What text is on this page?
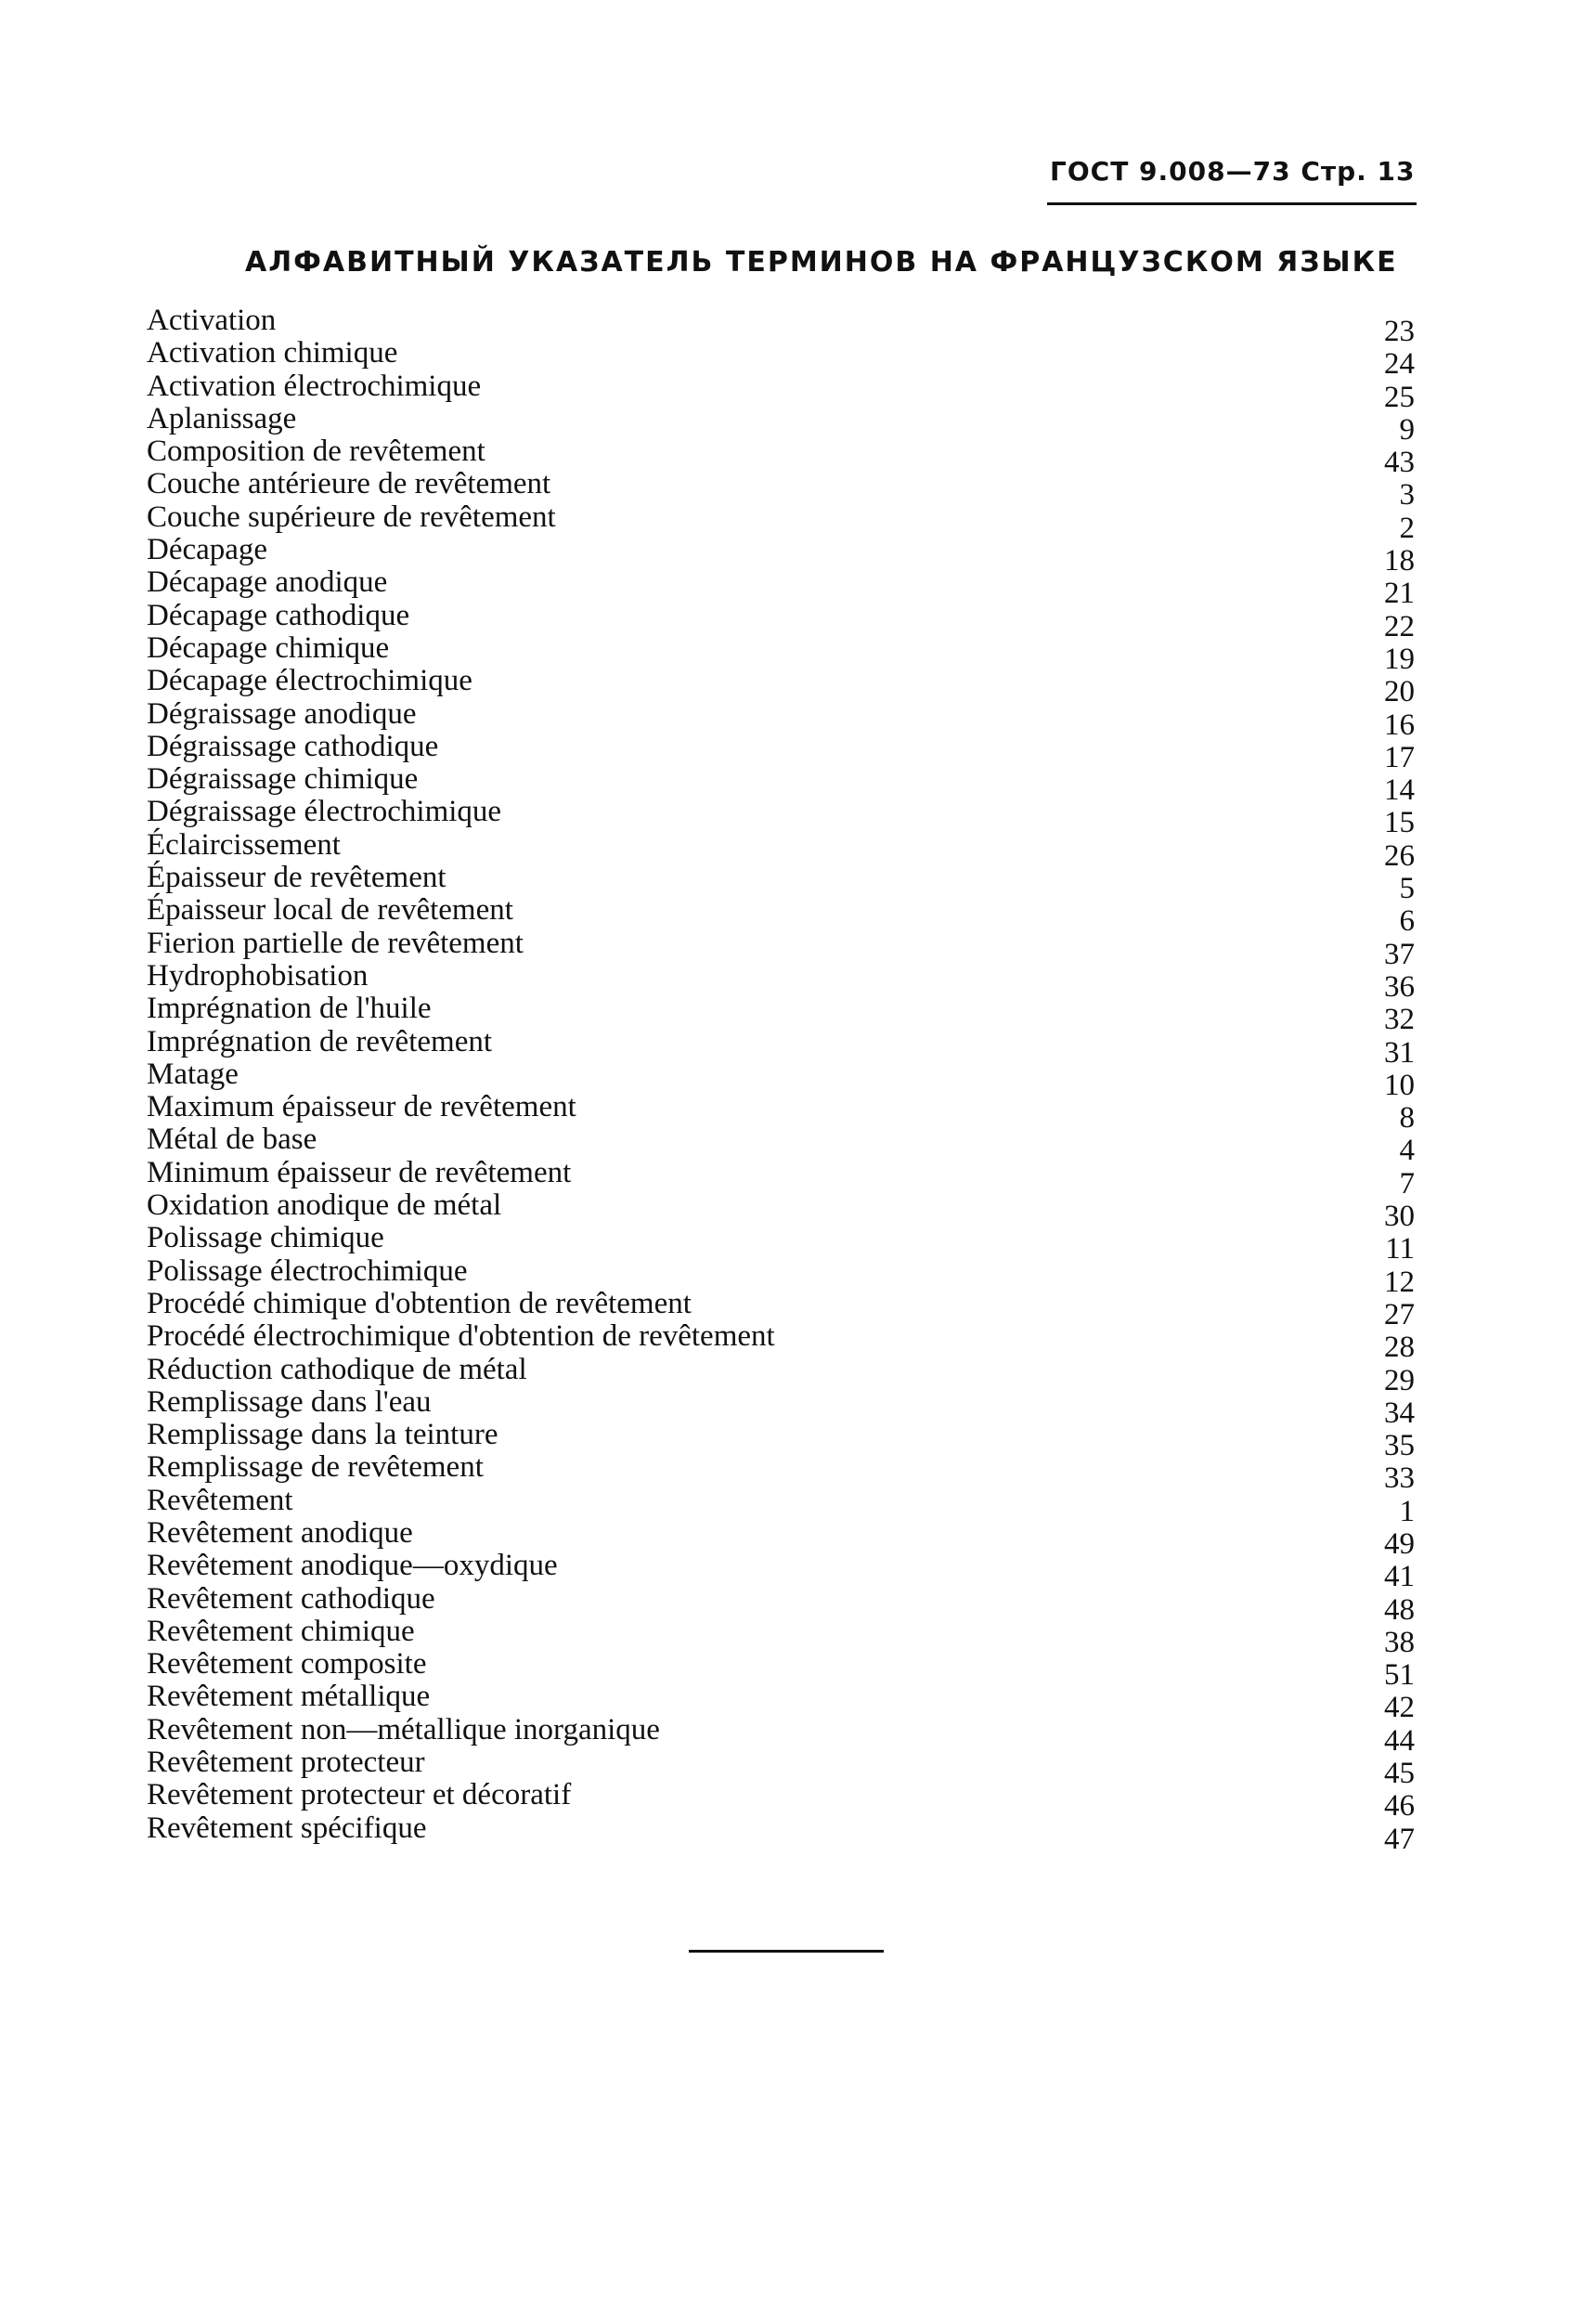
ГОСТ 9.008—73 Стр. 13
АЛФАВИТНЫЙ УКАЗАТЕЛЬ ТЕРМИНОВ НА ФРАНЦУЗСКОМ ЯЗЫКЕ
Activation	23
Activation chimique	24
Activation électrochimique	25
Aplanissage	9
Composition de revêtement	43
Couche antérieure de revêtement	3
Couche supérieure de revêtement	2
Décapage	18
Décapage anodique	21
Décapage cathodique	22
Décapage chimique	19
Décapage électrochimique	20
Dégraissage anodique	16
Dégraissage cathodique	17
Dégraissage chimique	14
Dégraissage électrochimique	15
Éclaircissement	26
Épaisseur de revêtement	5
Épaisseur local de revêtement	6
Fierion partielle de revêtement	37
Hydrophobisation	36
Imprégnation de l'huile	32
Imprégnation de revêtement	31
Matage	10
Maximum épaisseur de revêtement	8
Métal de base	4
Minimum épaisseur de revêtement	7
Oxidation anodique de métal	30
Polissage chimique	11
Polissage électrochimique	12
Procédé chimique d'obtention de revêtement	27
Procédé électrochimique d'obtention de revêtement	28
Réduction cathodique de métal	29
Remplissage dans l'eau	34
Remplissage dans la teinture	35
Remplissage de revêtement	33
Revêtement	1
Revêtement anodique	49
Revêtement anodique—oxydique	41
Revêtement cathodique	48
Revêtement chimique	38
Revêtement composite	51
Revêtement métallique	42
Revêtement non—métallique inorganique	44
Revêtement protecteur	45
Revêtement protecteur et décoratif	46
Revêtement spécifique	47
